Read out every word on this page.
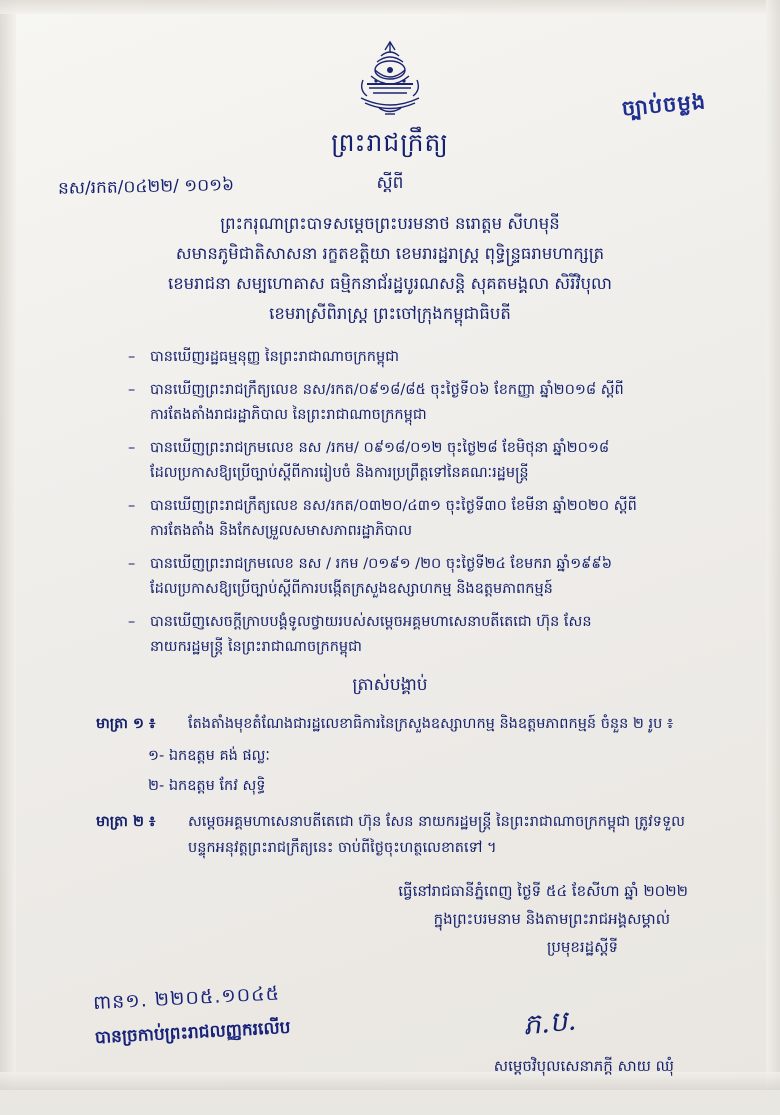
ច្បាប់ចម្លង
ព្រះរាជក្រឹត្យ
ស្ដីពី
នស/រកត/០៤២២/ ១០១៦
ព្រះករុណាព្រះបាទសម្ដេចព្រះបរមនាថ នរោត្តម សីហមុនី
សមានភូមិជាតិសាសនា រក្ខតខត្តិយា ខេមរារដ្ឋរាស្ត្រ ពុទ្ធិន្ទ្រធរាមហាក្សត្រ
ខេមរាជនា សម្បហោគាស ធម្មិកនាជ័រដ្ឋបូរណសន្តិ សុគតមង្គលា សិរីវិបុលា
ខេមរាស្រីពិរាស្ត្រ ព្រះចៅក្រុងកម្ពុជាធិបតី
– បានឃើញរដ្ឋធម្មនុញ្ញ នៃព្រះរាជាណាចក្រកម្ពុជា
– បានឃើញព្រះរាជក្រឹត្យលេខ នស/រកត/០៩១៨/៨៥ ចុះថ្ងៃទី០៦ ខែកញ្ញា ឆ្នាំ២០១៨ ស្ដីពី
ការតែងតាំងរាជរដ្ឋាភិបាល នៃព្រះរាជាណាចក្រកម្ពុជា
– បានឃើញព្រះរាជក្រមលេខ នស /រកម/ ០៩១៨/០១២ ចុះថ្ងៃ២៨ ខែមិថុនា ឆ្នាំ២០១៨
ដែលប្រកាសឱ្យប្រើច្បាប់ស្ដីពីការរៀបចំ និងការប្រព្រឹត្តទៅនៃគណៈរដ្ឋមន្ត្រី
– បានឃើញព្រះរាជក្រឹត្យលេខ នស/រកត/០៣២០/៤៣១ ចុះថ្ងៃទី៣០ ខែមីនា ឆ្នាំ២០២០ ស្ដីពី
ការតែងតាំង និងកែសម្រួលសមាសភាពរដ្ឋាភិបាល
– បានឃើញព្រះរាជក្រមលេខ នស / រកម /០១៩១ /២០ ចុះថ្ងៃទី២៤ ខែមករា ឆ្នាំ១៩៩៦
ដែលប្រកាសឱ្យប្រើច្បាប់ស្ដីពីការបង្កើតក្រសួងឧស្សាហកម្ម និងឧត្តមភាពកម្មន៍
– បានឃើញសេចក្ដីក្រាបបង្គំទូលថ្វាយរបស់សម្ដេចអគ្គមហាសេនាបតីតេជោ ហ៊ុន សែន
នាយករដ្ឋមន្ត្រី នៃព្រះរាជាណាចក្រកម្ពុជា
ត្រាស់បង្គាប់
មាត្រា ១ ៖	តែងតាំងមុខតំណែងជារដ្ឋលេខាធិការនៃក្រសួងឧស្សាហកម្ម និងឧត្តមភាពកម្មន៍ ចំនួន ២ រូប ៖
១- ឯកឧត្តម គង់ ផល្លៈ
២- ឯកឧត្តម កែវ សុទ្ធិ
មាត្រា ២ ៖	សម្ដេចអគ្គមហាសេនាបតីតេជោ ហ៊ុន សែន នាយករដ្ឋមន្ត្រី នៃព្រះរាជាណាចក្រកម្ពុជា ត្រូវទទួលបន្ទុកអនុវត្តព្រះរាជក្រឹត្យនេះ ចាប់ពីថ្ងៃចុះហត្ថលេខាតទៅ ។
ធ្វើនៅរាជធានីភ្នំពេញ ថ្ងៃទី ៥៤ ខែសីហា ឆ្នាំ ២០២២
ក្នុងព្រះបរមនាម និងតាមព្រះរាជអង្គសម្គាល់
ប្រមុខរដ្ឋស្ដីទី
ភ.ប.
សម្ដេចវិបុលសេនាភក្ដី សាយ ឈុំ
ពាន១. ២២០៥.១០៤៥
បានច្រកាប់ព្រះរាជលញ្ញករលើប
